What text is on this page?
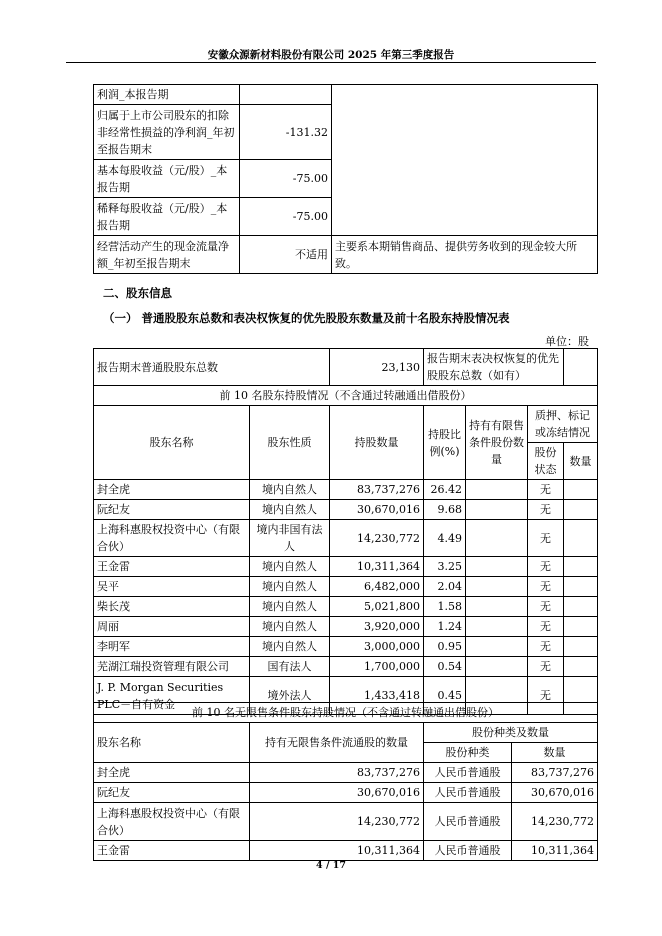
安徽众源新材料股份有限公司 2025 年第三季度报告
利润_本报告期		
归属于上市公司股东的扣除非经常性损益的净利润_年初至报告期末	-131.32	
基本每股收益（元/股）_本报告期	-75.00	
稀释每股收益（元/股）_本报告期	-75.00	
经营活动产生的现金流量净额_年初至报告期末	不适用	主要系本期销售商品、提供劳务收到的现金较大所致。
二、股东信息
（一） 普通股股东总数和表决权恢复的优先股股东数量及前十名股东持股情况表
单位：股
报告期末普通股股东总数		23,130	报告期末表决权恢复的优先股股东总数（如有）			
前 10 名股东持股情况（不含通过转融通出借股份）						
股东名称	股东性质	持股数量	持股比例(%)	持有有限售条件股份数量	质押、标记或冻结情况	
					股份状态	数量
封全虎	境内自然人	83,737,276	26.42		无	
阮纪友	境内自然人	30,670,016	9.68		无	
上海科惠股权投资中心（有限合伙）	境内非国有法人	14,230,772	4.49		无	
王金雷	境内自然人	10,311,364	3.25		无	
吴平	境内自然人	6,482,000	2.04		无	
柴长茂	境内自然人	5,021,800	1.58		无	
周丽	境内自然人	3,920,000	1.24		无	
李明军	境内自然人	3,000,000	0.95		无	
芜湖江瑞投资管理有限公司	国有法人	1,700,000	0.54		无	
J. P. Morgan Securities PLC－自有资金	境外法人	1,433,418	0.45		无	
前 10 名无限售条件股东持股情况（不含通过转融通出借股份）			
股东名称	持有无限售条件流通股的数量	股份种类及数量	
		股份种类	数量
封全虎	83,737,276	人民币普通股	83,737,276
阮纪友	30,670,016	人民币普通股	30,670,016
上海科惠股权投资中心（有限合伙）	14,230,772	人民币普通股	14,230,772
王金雷	10,311,364	人民币普通股	10,311,364
4 / 17
